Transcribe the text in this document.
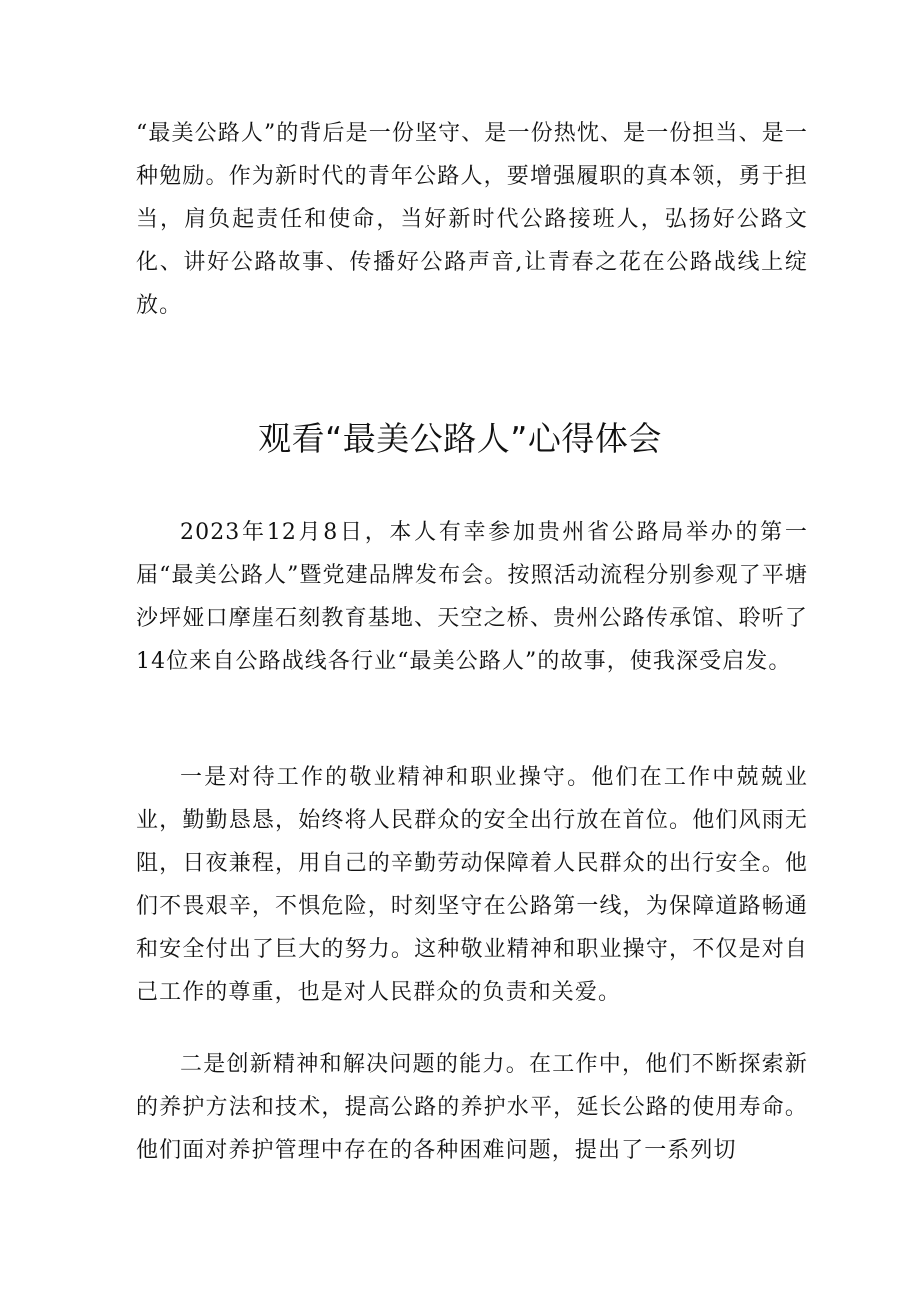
“最美公路人”的背后是一份坚守、是一份热忱、是一份担当、是一种勉励。作为新时代的青年公路人，要增强履职的真本领，勇于担当，肩负起责任和使命，当好新时代公路接班人，弘扬好公路文化、讲好公路故事、传播好公路声音,让青春之花在公路战线上绽放。

观看“最美公路人”心得体会

2023年12月8日，本人有幸参加贵州省公路局举办的第一届“最美公路人”暨党建品牌发布会。按照活动流程分别参观了平塘沙坪娅口摩崖石刻教育基地、天空之桥、贵州公路传承馆、聆听了14位来自公路战线各行业“最美公路人”的故事，使我深受启发。

一是对待工作的敬业精神和职业操守。他们在工作中兢兢业业，勤勤恳恳，始终将人民群众的安全出行放在首位。他们风雨无阻，日夜兼程，用自己的辛勤劳动保障着人民群众的出行安全。他们不畏艰辛，不惧危险，时刻坚守在公路第一线，为保障道路畅通和安全付出了巨大的努力。这种敬业精神和职业操守，不仅是对自己工作的尊重，也是对人民群众的负责和关爱。

二是创新精神和解决问题的能力。在工作中，他们不断探索新的养护方法和技术，提高公路的养护水平，延长公路的使用寿命。他们面对养护管理中存在的各种困难问题，提出了一系列切
